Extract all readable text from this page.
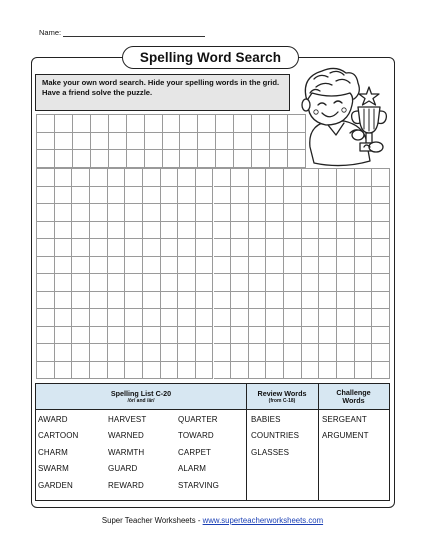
Name:
Spelling Word Search
Make your own word search. Hide your spelling words in the grid. Have a friend solve the puzzle.
Spelling List C-20
/ôr/ and /är/
Review Words
(from C-18)
Challenge Words
AWARD
CARTOON
CHARM
SWARM
GARDEN
HARVEST
WARNED
WARMTH
GUARD
REWARD
QUARTER
TOWARD
CARPET
ALARM
STARVING
BABIES
COUNTRIES
GLASSES
SERGEANT
ARGUMENT
Super Teacher Worksheets - www.superteacherworksheets.com
